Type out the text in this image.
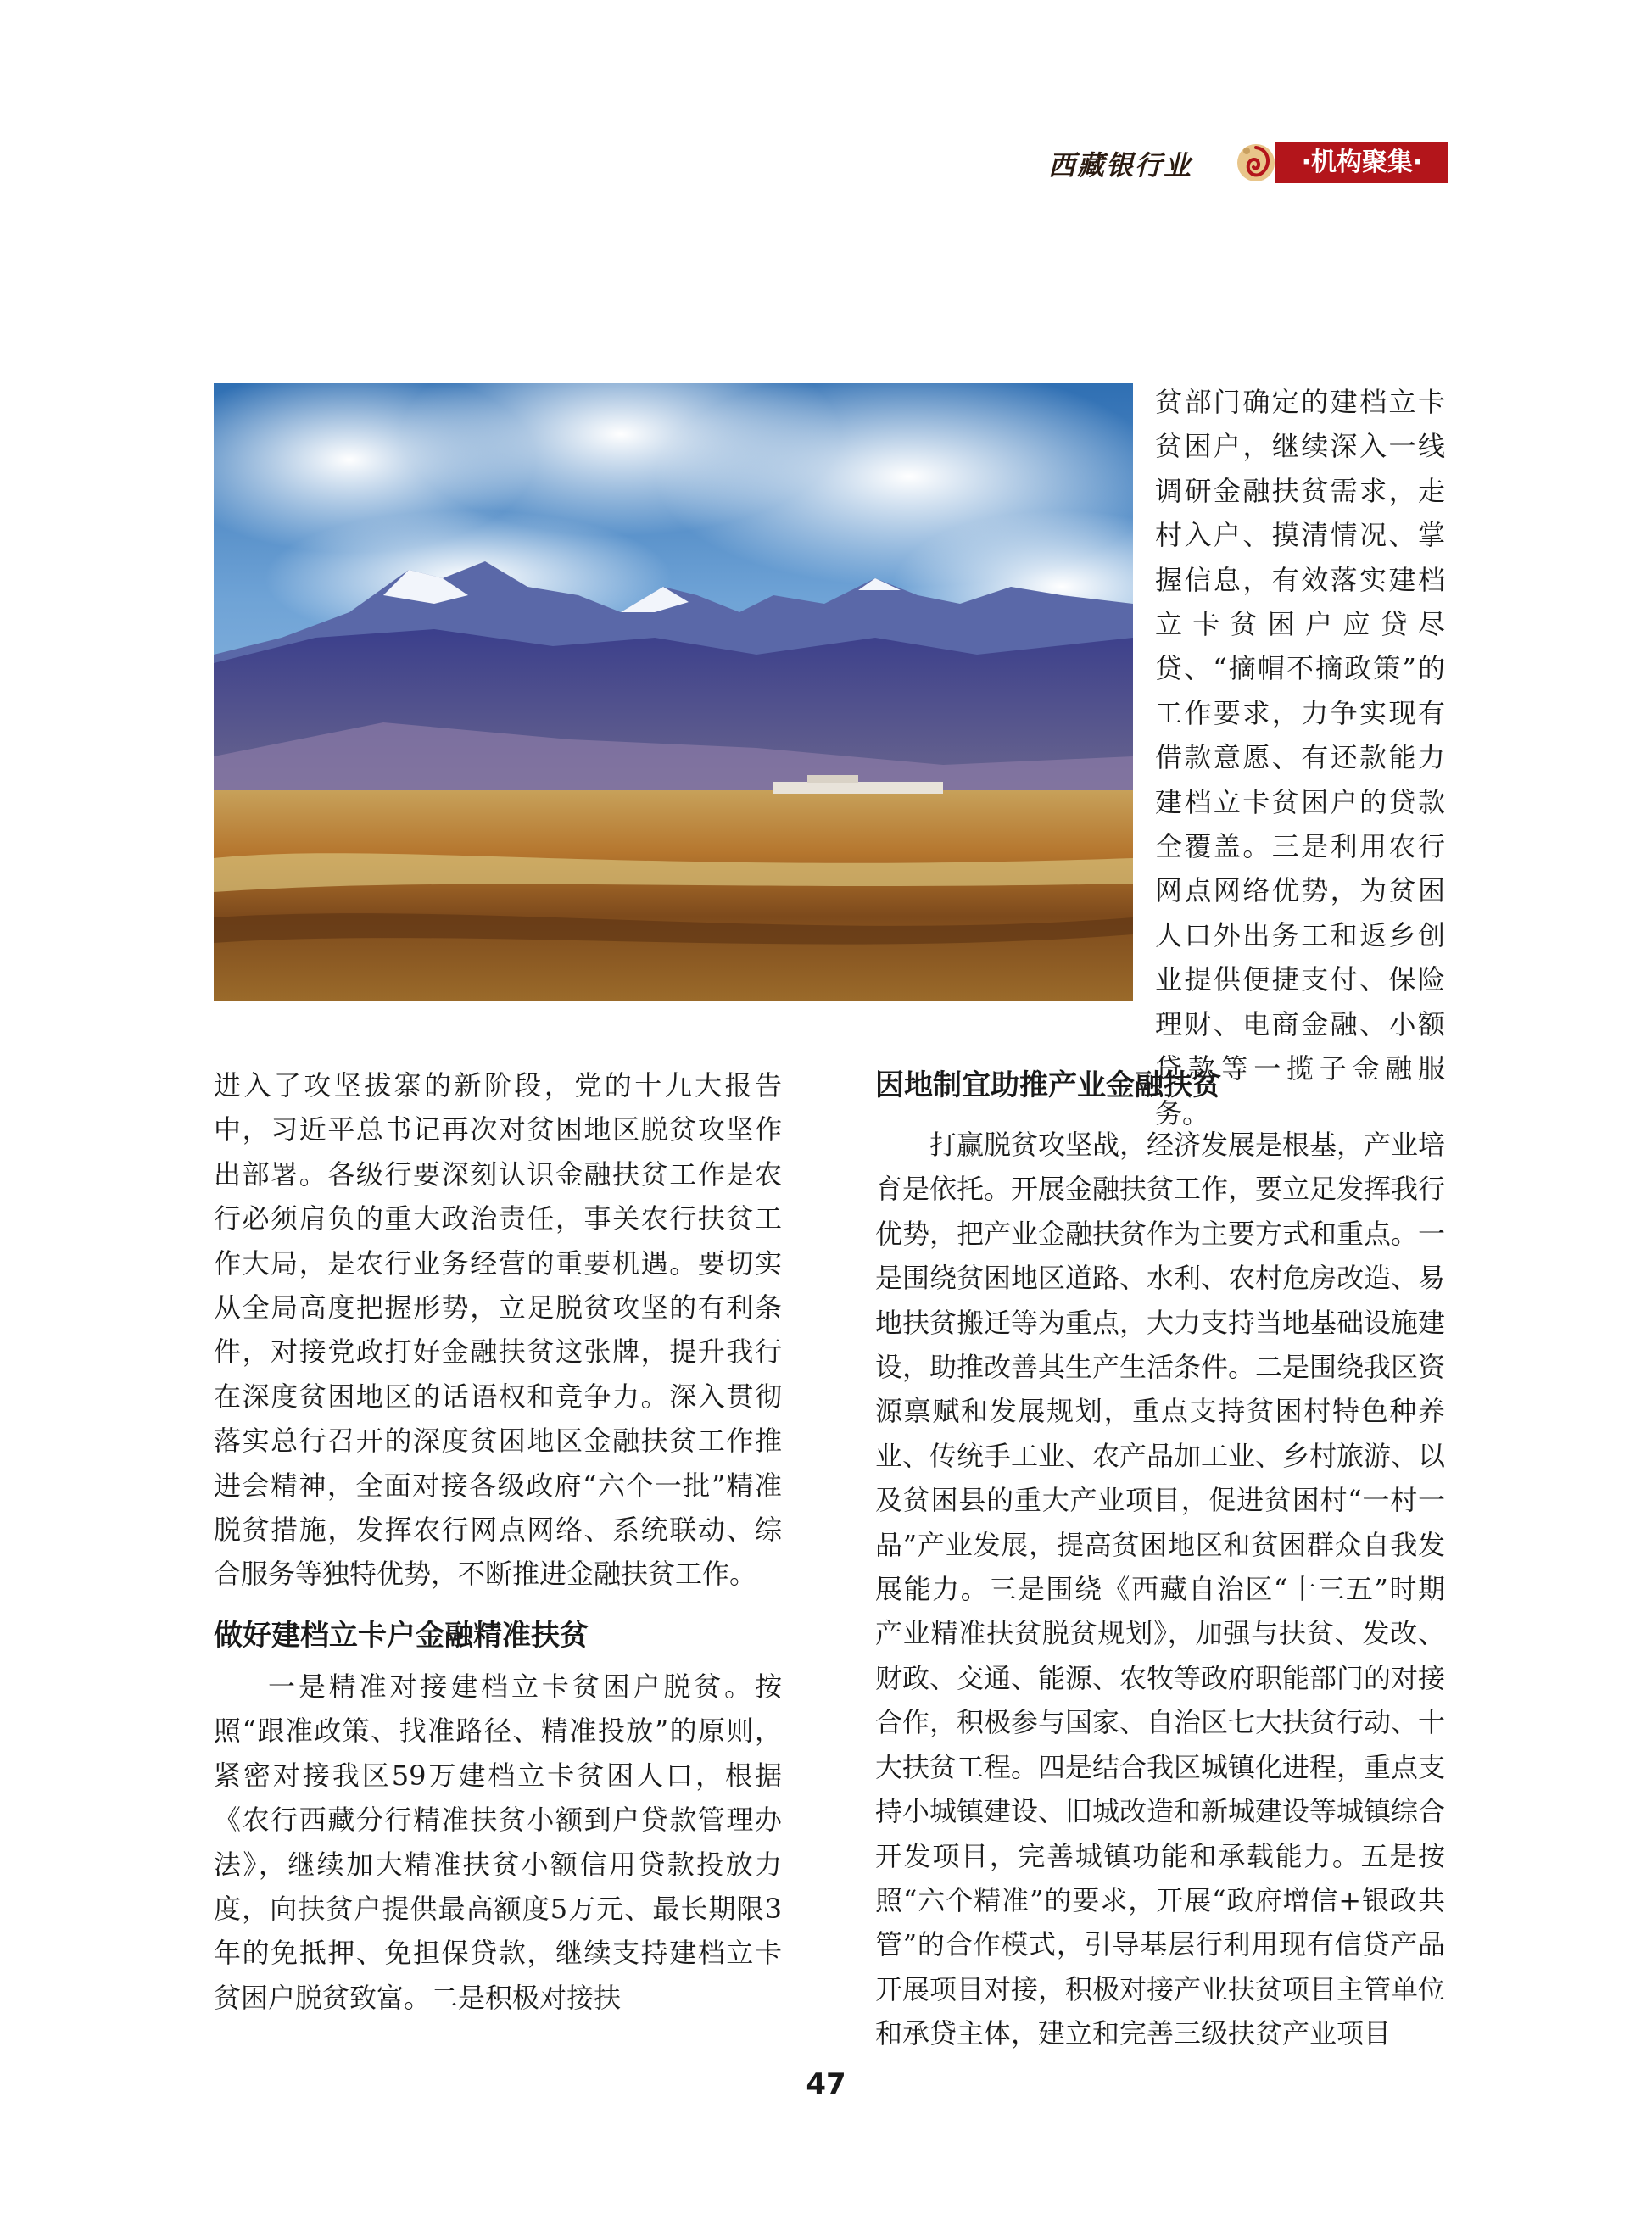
西藏银行业	·机构聚集·

贫部门确定的建档立卡贫困户，继续深入一线调研金融扶贫需求，走村入户、摸清情况、掌握信息，有效落实建档立卡贫困户应贷尽贷、“摘帽不摘政策”的工作要求，力争实现有借款意愿、有还款能力建档立卡贫困户的贷款全覆盖。三是利用农行网点网络优势，为贫困人口外出务工和返乡创业提供便捷支付、保险理财、电商金融、小额贷款等一揽子金融服务。

进入了攻坚拔寨的新阶段，党的十九大报告中，习近平总书记再次对贫困地区脱贫攻坚作出部署。各级行要深刻认识金融扶贫工作是农行必须肩负的重大政治责任，事关农行扶贫工作大局，是农行业务经营的重要机遇。要切实从全局高度把握形势，立足脱贫攻坚的有利条件，对接党政打好金融扶贫这张牌，提升我行在深度贫困地区的话语权和竞争力。深入贯彻落实总行召开的深度贫困地区金融扶贫工作推进会精神，全面对接各级政府“六个一批”精准脱贫措施，发挥农行网点网络、系统联动、综合服务等独特优势，不断推进金融扶贫工作。

做好建档立卡户金融精准扶贫

一是精准对接建档立卡贫困户脱贫。按照“跟准政策、找准路径、精准投放”的原则，紧密对接我区59万建档立卡贫困人口，根据《农行西藏分行精准扶贫小额到户贷款管理办法》，继续加大精准扶贫小额信用贷款投放力度，向扶贫户提供最高额度5万元、最长期限3年的免抵押、免担保贷款，继续支持建档立卡贫困户脱贫致富。二是积极对接扶

因地制宜助推产业金融扶贫

打赢脱贫攻坚战，经济发展是根基，产业培育是依托。开展金融扶贫工作，要立足发挥我行优势，把产业金融扶贫作为主要方式和重点。一是围绕贫困地区道路、水利、农村危房改造、易地扶贫搬迁等为重点，大力支持当地基础设施建设，助推改善其生产生活条件。二是围绕我区资源禀赋和发展规划，重点支持贫困村特色种养业、传统手工业、农产品加工业、乡村旅游、以及贫困县的重大产业项目，促进贫困村“一村一品”产业发展，提高贫困地区和贫困群众自我发展能力。三是围绕《西藏自治区“十三五”时期产业精准扶贫脱贫规划》，加强与扶贫、发改、财政、交通、能源、农牧等政府职能部门的对接合作，积极参与国家、自治区七大扶贫行动、十大扶贫工程。四是结合我区城镇化进程，重点支持小城镇建设、旧城改造和新城建设等城镇综合开发项目，完善城镇功能和承载能力。五是按照“六个精准”的要求，开展“政府增信+银政共管”的合作模式，引导基层行利用现有信贷产品开展项目对接，积极对接产业扶贫项目主管单位和承贷主体，建立和完善三级扶贫产业项目

47
